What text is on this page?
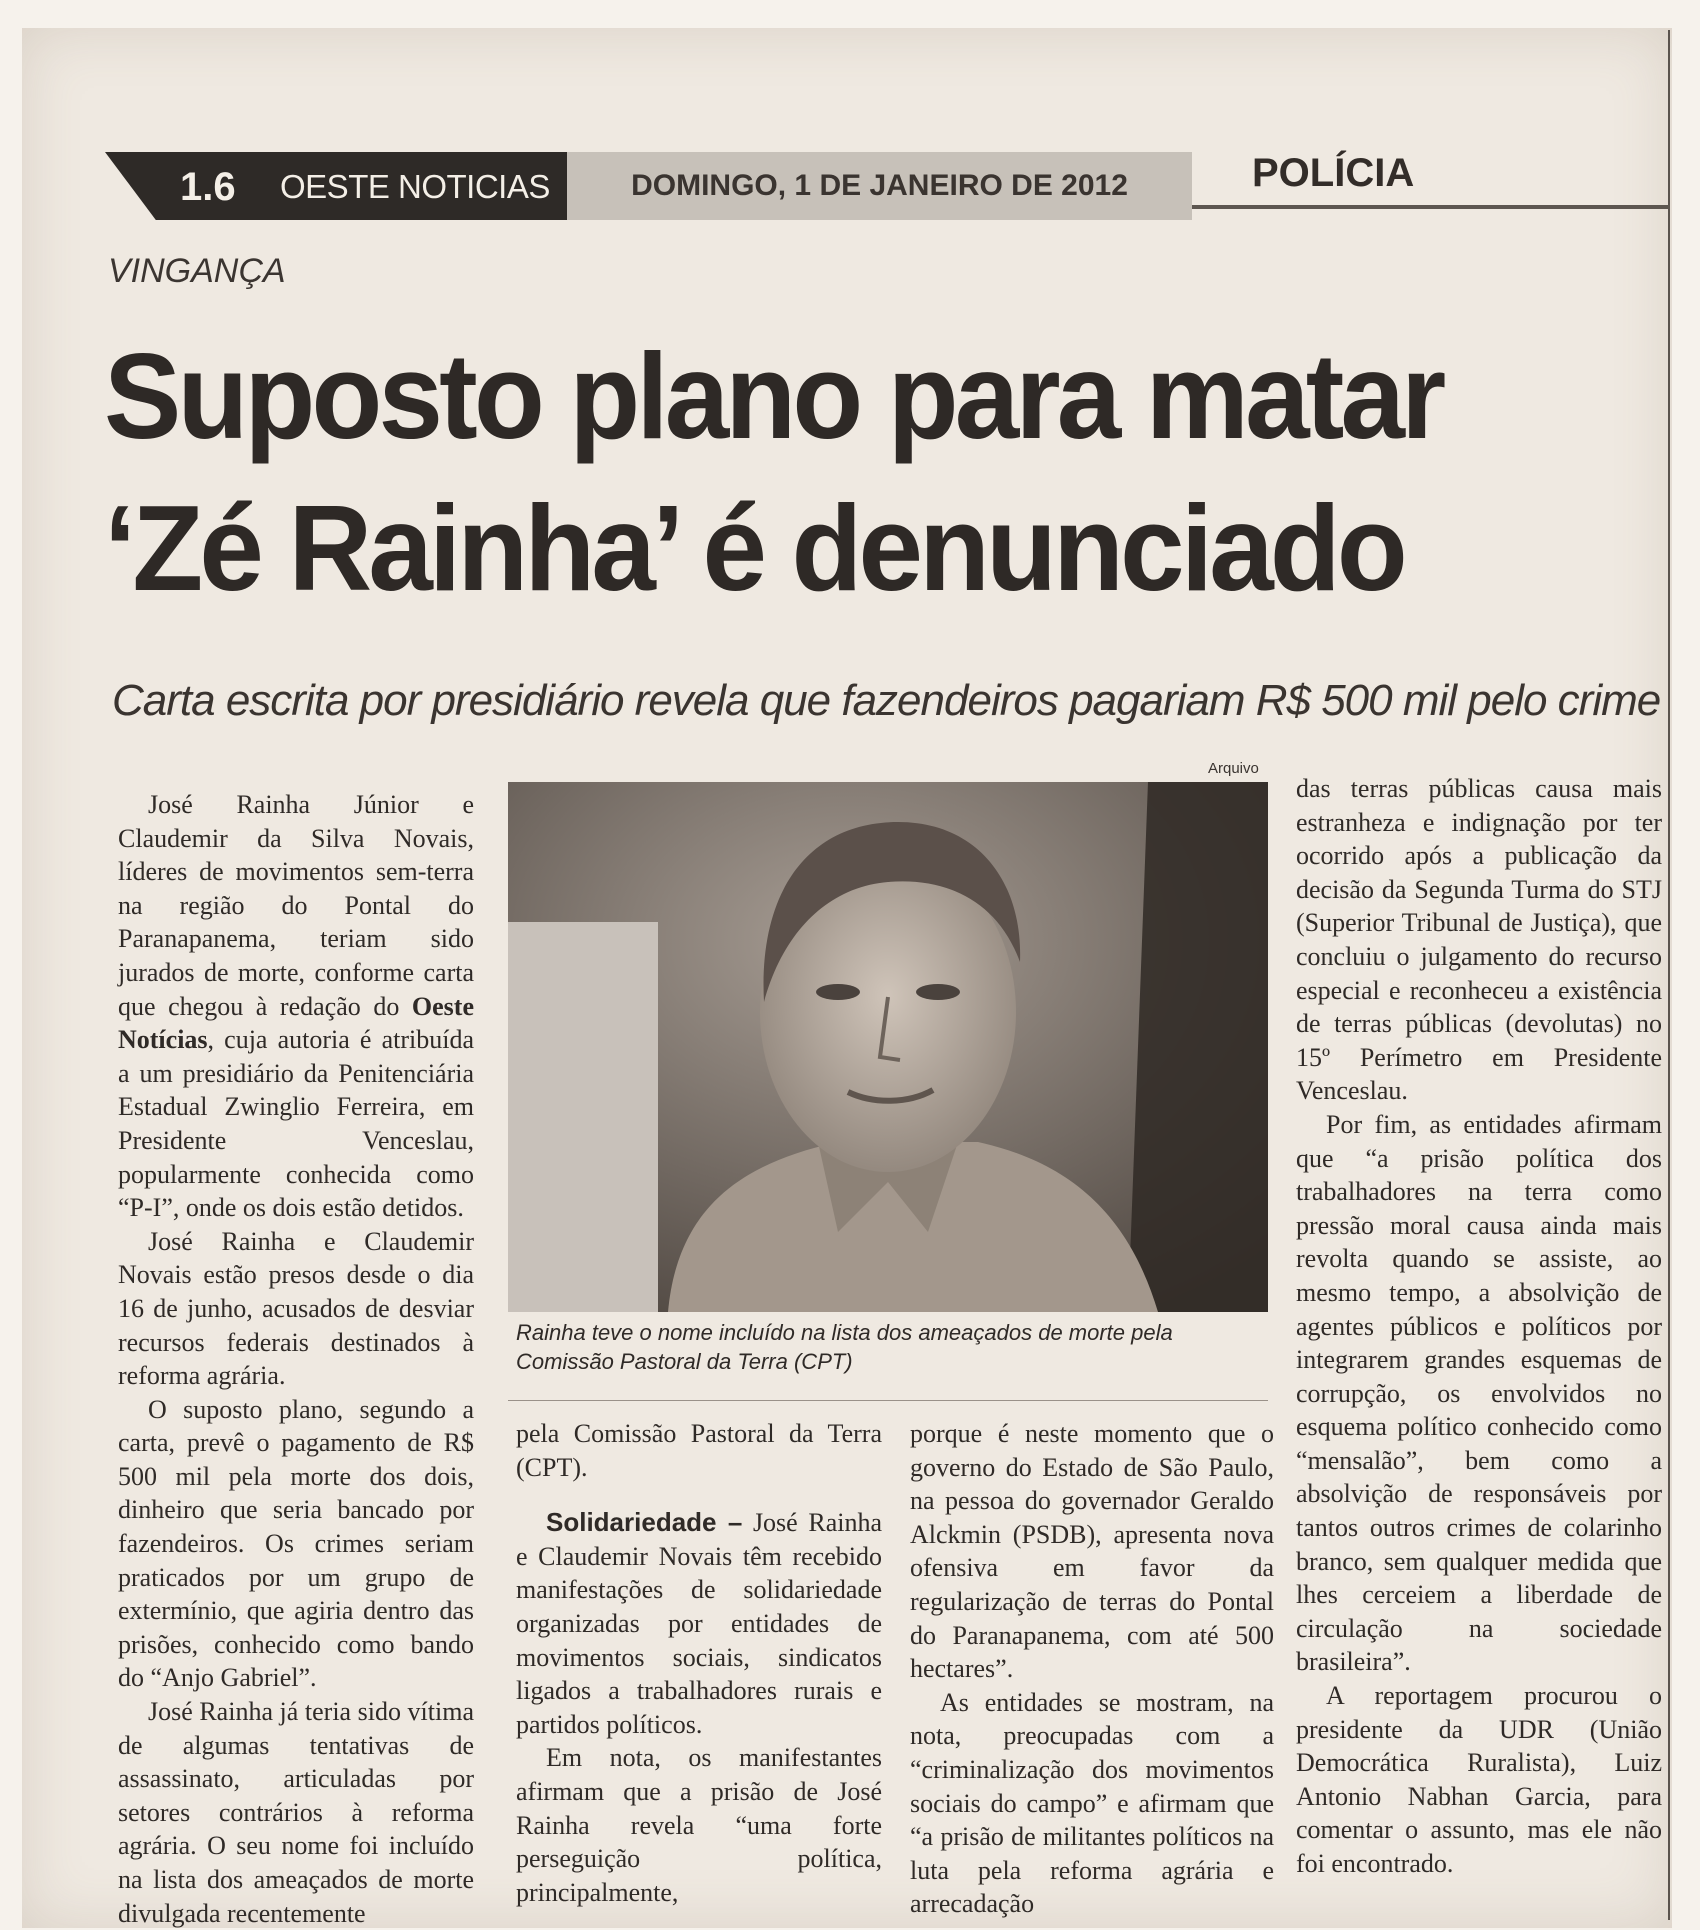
1.6 OESTE NOTICIAS	DOMINGO, 1 DE JANEIRO DE 2012	POLÍCIA
VINGANÇA
Suposto plano para matar
‘Zé Rainha’ é denunciado
Carta escrita por presidiário revela que fazendeiros pagariam R$ 500 mil pelo crime

José Rainha Júnior e Claudemir da Silva Novais, líderes de movimentos sem-terra na região do Pontal do Paranapanema, teriam sido jurados de morte, conforme carta que chegou à redação do Oeste Notícias, cuja autoria é atribuída a um presidiário da Penitenciária Estadual Zwinglio Ferreira, em Presidente Venceslau, popularmente conhecida como “P-I”, onde os dois estão detidos.

José Rainha e Claudemir Novais estão presos desde o dia 16 de junho, acusados de desviar recursos federais destinados à reforma agrária.

O suposto plano, segundo a carta, prevê o pagamento de R$ 500 mil pela morte dos dois, dinheiro que seria bancado por fazendeiros. Os crimes seriam praticados por um grupo de extermínio, que agiria dentro das prisões, conhecido como bando do “Anjo Gabriel”.

José Rainha já teria sido vítima de algumas tentativas de assassinato, articuladas por setores contrários à reforma agrária. O seu nome foi incluído na lista dos ameaçados de morte divulgada recentemente

Arquivo
Rainha teve o nome incluído na lista dos ameaçados de morte pela Comissão Pastoral da Terra (CPT)

pela Comissão Pastoral da Terra (CPT).

Solidariedade – José Rainha e Claudemir Novais têm recebido manifestações de solidariedade organizadas por entidades de movimentos sociais, sindicatos ligados a trabalhadores rurais e partidos políticos.

Em nota, os manifestantes afirmam que a prisão de José Rainha revela “uma forte perseguição política, principalmente,

porque é neste momento que o governo do Estado de São Paulo, na pessoa do governador Geraldo Alckmin (PSDB), apresenta nova ofensiva em favor da regularização de terras do Pontal do Paranapanema, com até 500 hectares”.

As entidades se mostram, na nota, preocupadas com a “criminalização dos movimentos sociais do campo” e afirmam que “a prisão de militantes políticos na luta pela reforma agrária e arrecadação

das terras públicas causa mais estranheza e indignação por ter ocorrido após a publicação da decisão da Segunda Turma do STJ (Superior Tribunal de Justiça), que concluiu o julgamento do recurso especial e reconheceu a existência de terras públicas (devolutas) no 15º Perímetro em Presidente Venceslau.

Por fim, as entidades afirmam que “a prisão política dos trabalhadores na terra como pressão moral causa ainda mais revolta quando se assiste, ao mesmo tempo, a absolvição de agentes públicos e políticos por integrarem grandes esquemas de corrupção, os envolvidos no esquema político conhecido como “mensalão”, bem como a absolvição de responsáveis por tantos outros crimes de colarinho branco, sem qualquer medida que lhes cerceiem a liberdade de circulação na sociedade brasileira”.

A reportagem procurou o presidente da UDR (União Democrática Ruralista), Luiz Antonio Nabhan Garcia, para comentar o assunto, mas ele não foi encontrado.
